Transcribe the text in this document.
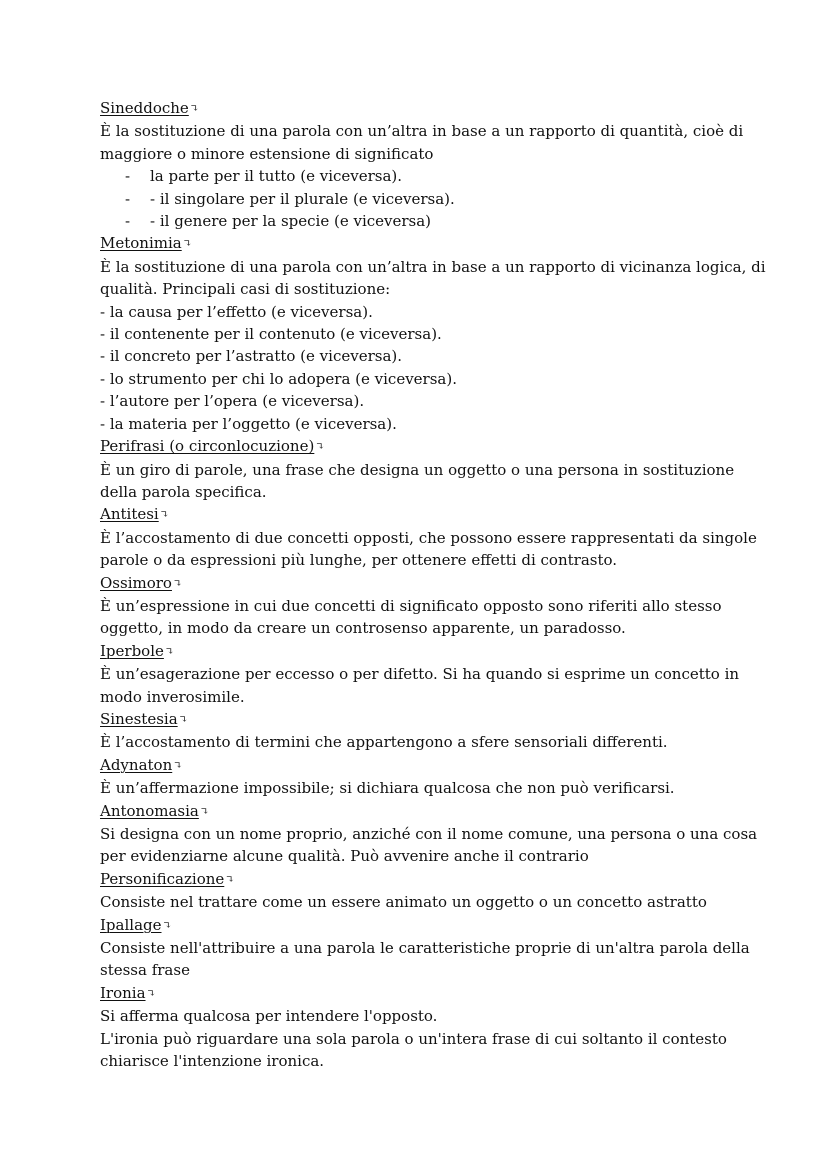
Sineddoche↴

È la sostituzione di una parola con un’altra in base a un rapporto di quantità, cioè di

maggiore o minore estensione di significato

- la parte per il tutto (e viceversa).

- - il singolare per il plurale (e viceversa).

- - il genere per la specie (e viceversa)

Metonimia↴

È la sostituzione di una parola con un’altra in base a un rapporto di vicinanza logica, di

qualità. Principali casi di sostituzione:

- la causa per l’effetto (e viceversa).

- il contenente per il contenuto (e viceversa).

- il concreto per l’astratto (e viceversa).

- lo strumento per chi lo adopera (e viceversa).

- l’autore per l’opera (e viceversa).

- la materia per l’oggetto (e viceversa).

Perifrasi (o circonlocuzione)↴

È un giro di parole, una frase che designa un oggetto o una persona in sostituzione

della parola specifica.

Antitesi↴

È l’accostamento di due concetti opposti, che possono essere rappresentati da singole

parole o da espressioni più lunghe, per ottenere effetti di contrasto.

Ossimoro↴

È un’espressione in cui due concetti di significato opposto sono riferiti allo stesso

oggetto, in modo da creare un controsenso apparente, un paradosso.

Iperbole↴

È un’esagerazione per eccesso o per difetto. Si ha quando si esprime un concetto in

modo inverosimile.

Sinestesia↴

È l’accostamento di termini che appartengono a sfere sensoriali differenti.

Adynaton↴

È un’affermazione impossibile; si dichiara qualcosa che non può verificarsi.

Antonomasia↴

Si designa con un nome proprio, anziché con il nome comune, una persona o una cosa

per evidenziarne alcune qualità. Può avvenire anche il contrario

Personificazione↴

Consiste nel trattare come un essere animato un oggetto o un concetto astratto

Ipallage↴

Consiste nell'attribuire a una parola le caratteristiche proprie di un'altra parola della

stessa frase

Ironia↴

Si afferma qualcosa per intendere l'opposto.

L'ironia può riguardare una sola parola o un'intera frase di cui soltanto il contesto

chiarisce l'intenzione ironica.
